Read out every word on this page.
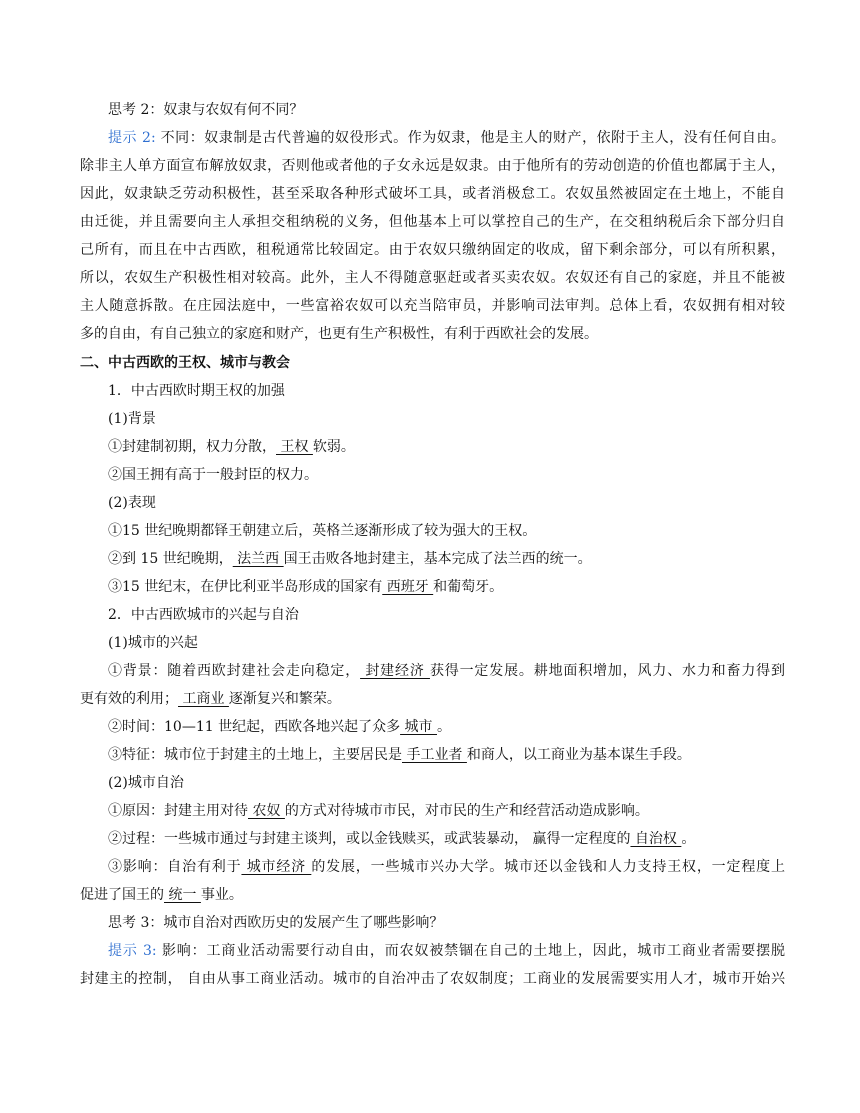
思考 2：奴隶与农奴有何不同？
提示 2: 不同：奴隶制是古代普遍的奴役形式。作为奴隶，他是主人的财产，依附于主人，没有任何自由。
除非主人单方面宣布解放奴隶，否则他或者他的子女永远是奴隶。由于他所有的劳动创造的价值也都属于主人，
因此，奴隶缺乏劳动积极性，甚至采取各种形式破坏工具，或者消极怠工。农奴虽然被固定在土地上，不能自
由迁徙，并且需要向主人承担交租纳税的义务，但他基本上可以掌控自己的生产，在交租纳税后余下部分归自
己所有，而且在中古西欧，租税通常比较固定。由于农奴只缴纳固定的收成，留下剩余部分，可以有所积累，
所以，农奴生产积极性相对较高。此外，主人不得随意驱赶或者买卖农奴。农奴还有自己的家庭，并且不能被
主人随意拆散。在庄园法庭中，一些富裕农奴可以充当陪审员，并影响司法审判。总体上看，农奴拥有相对较
多的自由，有自己独立的家庭和财产，也更有生产积极性，有利于西欧社会的发展。
二、中古西欧的王权、城市与教会
1．中古西欧时期王权的加强
(1)背景
①封建制初期，权力分散， 王权 软弱。
②国王拥有高于一般封臣的权力。
(2)表现
①15 世纪晚期都铎王朝建立后，英格兰逐渐形成了较为强大的王权。
②到 15 世纪晚期， 法兰西 国王击败各地封建主，基本完成了法兰西的统一。
③15 世纪末，在伊比利亚半岛形成的国家有 西班牙 和葡萄牙。
2．中古西欧城市的兴起与自治
(1)城市的兴起
①背景：随着西欧封建社会走向稳定， 封建经济 获得一定发展。耕地面积增加，风力、水力和畜力得到
更有效的利用； 工商业 逐渐复兴和繁荣。
②时间：10—11 世纪起，西欧各地兴起了众多 城市 。
③特征：城市位于封建主的土地上，主要居民是 手工业者 和商人，以工商业为基本谋生手段。
(2)城市自治
①原因：封建主用对待 农奴 的方式对待城市市民，对市民的生产和经营活动造成影响。
②过程：一些城市通过与封建主谈判，或以金钱赎买，或武装暴动， 赢得一定程度的 自治权 。
③影响：自治有利于 城市经济 的发展，一些城市兴办大学。城市还以金钱和人力支持王权，一定程度上
促进了国王的 统一 事业。
思考 3：城市自治对西欧历史的发展产生了哪些影响？
提示 3: 影响：工商业活动需要行动自由，而农奴被禁锢在自己的土地上，因此，城市工商业者需要摆脱
封建主的控制， 自由从事工商业活动。城市的自治冲击了农奴制度；工商业的发展需要实用人才，城市开始兴
